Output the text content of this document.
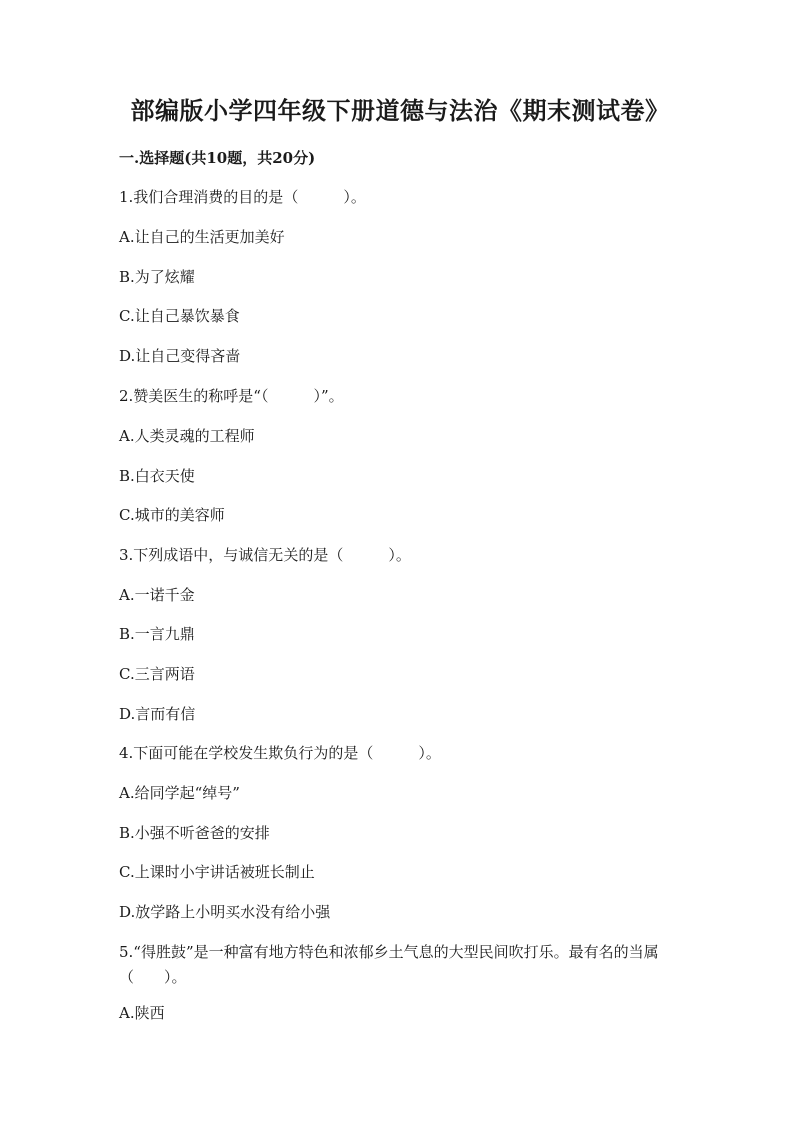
部编版小学四年级下册道德与法治《期末测试卷》
一.选择题(共10题，共20分)
1.我们合理消费的目的是（　　　）。
A.让自己的生活更加美好
B.为了炫耀
C.让自己暴饮暴食
D.让自己变得吝啬
2.赞美医生的称呼是“（　　　）”。
A.人类灵魂的工程师
B.白衣天使
C.城市的美容师
3.下列成语中，与诚信无关的是（　　　）。
A.一诺千金
B.一言九鼎
C.三言两语
D.言而有信
4.下面可能在学校发生欺负行为的是（　　　）。
A.给同学起“绰号”
B.小强不听爸爸的安排
C.上课时小宇讲话被班长制止
D.放学路上小明买水没有给小强
5.“得胜鼓”是一种富有地方特色和浓郁乡土气息的大型民间吹打乐。最有名的当属（　　）。
A.陕西
